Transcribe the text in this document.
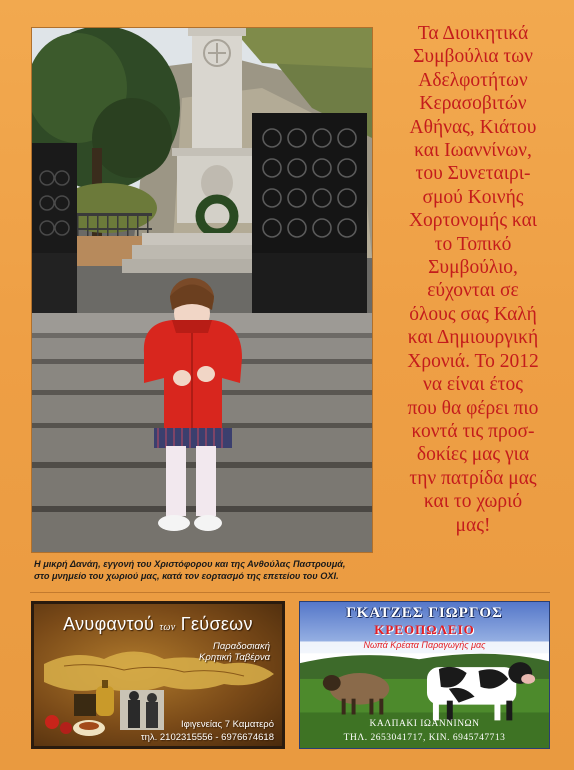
Η μικρή Δανάη, εγγονή του Χριστόφορου και της Ανθούλας Παστρουμά,
στο μνημείο του χωριού μας, κατά τον εορτασμό της επετείου του ΟΧΙ.
Τα Διοικητικά
Συμβούλια των
Αδελφοτήτων
Κερασοβιτών
Αθήνας, Κιάτου
και Ιωαννίνων,
του Συνεταιρι-
σμού Κοινής
Χορτονομής και
το Τοπικό
Συμβούλιο,
εύχονται σε
όλους σας Καλή
και Δημιουργική
Χρονιά. Το 2012
να είναι έτος
που θα φέρει πιο
κοντά τις προσ-
δοκίες μας για
την πατρίδα μας
και το χωριό
μας!
Ανυφαντού των Γεύσεων
Παραδοσιακή
Κρητική Ταβέρνα
Ιφιγενείας 7 Καματερό
τηλ. 2102315556 - 6976674618
ΓΚΑΤΖΕΣ ΓΙΩΡΓΟΣ
ΚΡΕΟΠΩΛΕΙΟ
Νωπά Κρέατα Παραγωγής μας
ΚΑΛΠΑΚΙ ΙΩΑΝΝΙΝΩΝ
ΤΗΛ. 2653041717, ΚΙΝ. 6945747713
